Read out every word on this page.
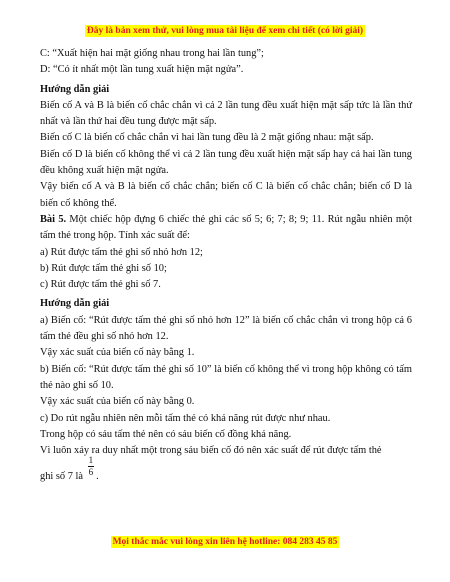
Đây là bản xem thử, vui lòng mua tài liệu để xem chi tiết (có lời giải)

C: “Xuất hiện hai mặt giống nhau trong hai lần tung”;

D: “Có ít nhất một lần tung xuất hiện mặt ngửa”.

Hướng dẫn giải

Biến cố A và B là biến cố chắc chắn vì cả 2 lần tung đều xuất hiện mặt sấp tức là lần thứ nhất và lần thứ hai đều tung được mặt sấp.

Biến cố C là biến cố chắc chắn vì hai lần tung đều là 2 mặt giống nhau: mặt sấp.

Biến cố D là biến cố không thể vì cả 2 lần tung đều xuất hiện mặt sấp hay cả hai lần tung đều không xuất hiện mặt ngửa.

Vậy biến cố A và B là biến cố chắc chắn; biến cố C là biến cố chắc chắn; biến cố D là biến cố không thể.

Bài 5. Một chiếc hộp đựng 6 chiếc thẻ ghi các số 5; 6; 7; 8; 9; 11. Rút ngẫu nhiên một tấm thẻ trong hộp. Tính xác suất để:

a) Rút được tấm thẻ ghi số nhỏ hơn 12;

b) Rút được tấm thẻ ghi số 10;

c) Rút được tấm thẻ ghi số 7.

Hướng dẫn giải

a) Biến cố: “Rút được tấm thẻ ghi số nhỏ hơn 12” là biến cố chắc chắn vì trong hộp cả 6 tấm thẻ đều ghi số nhỏ hơn 12.

Vậy xác suất của biến cố này bằng 1.

b) Biến cố: “Rút được tấm thẻ ghi số 10” là biến cố không thể vì trong hộp không có tấm thẻ nào ghi số 10.

Vậy xác suất của biến cố này bằng 0.

c) Do rút ngẫu nhiên nên mỗi tấm thẻ có khả năng rút được như nhau.

Trong hộp có sáu tấm thẻ nên có sáu biến cố đồng khả năng.

Vì luôn xảy ra duy nhất một trong sáu biến cố đó nên xác suất để rút được tấm thẻ

ghi số 7 là $\frac{1}{6}$ .

Mọi thắc mắc vui lòng xin liên hệ hotline: 084 283 45 85
